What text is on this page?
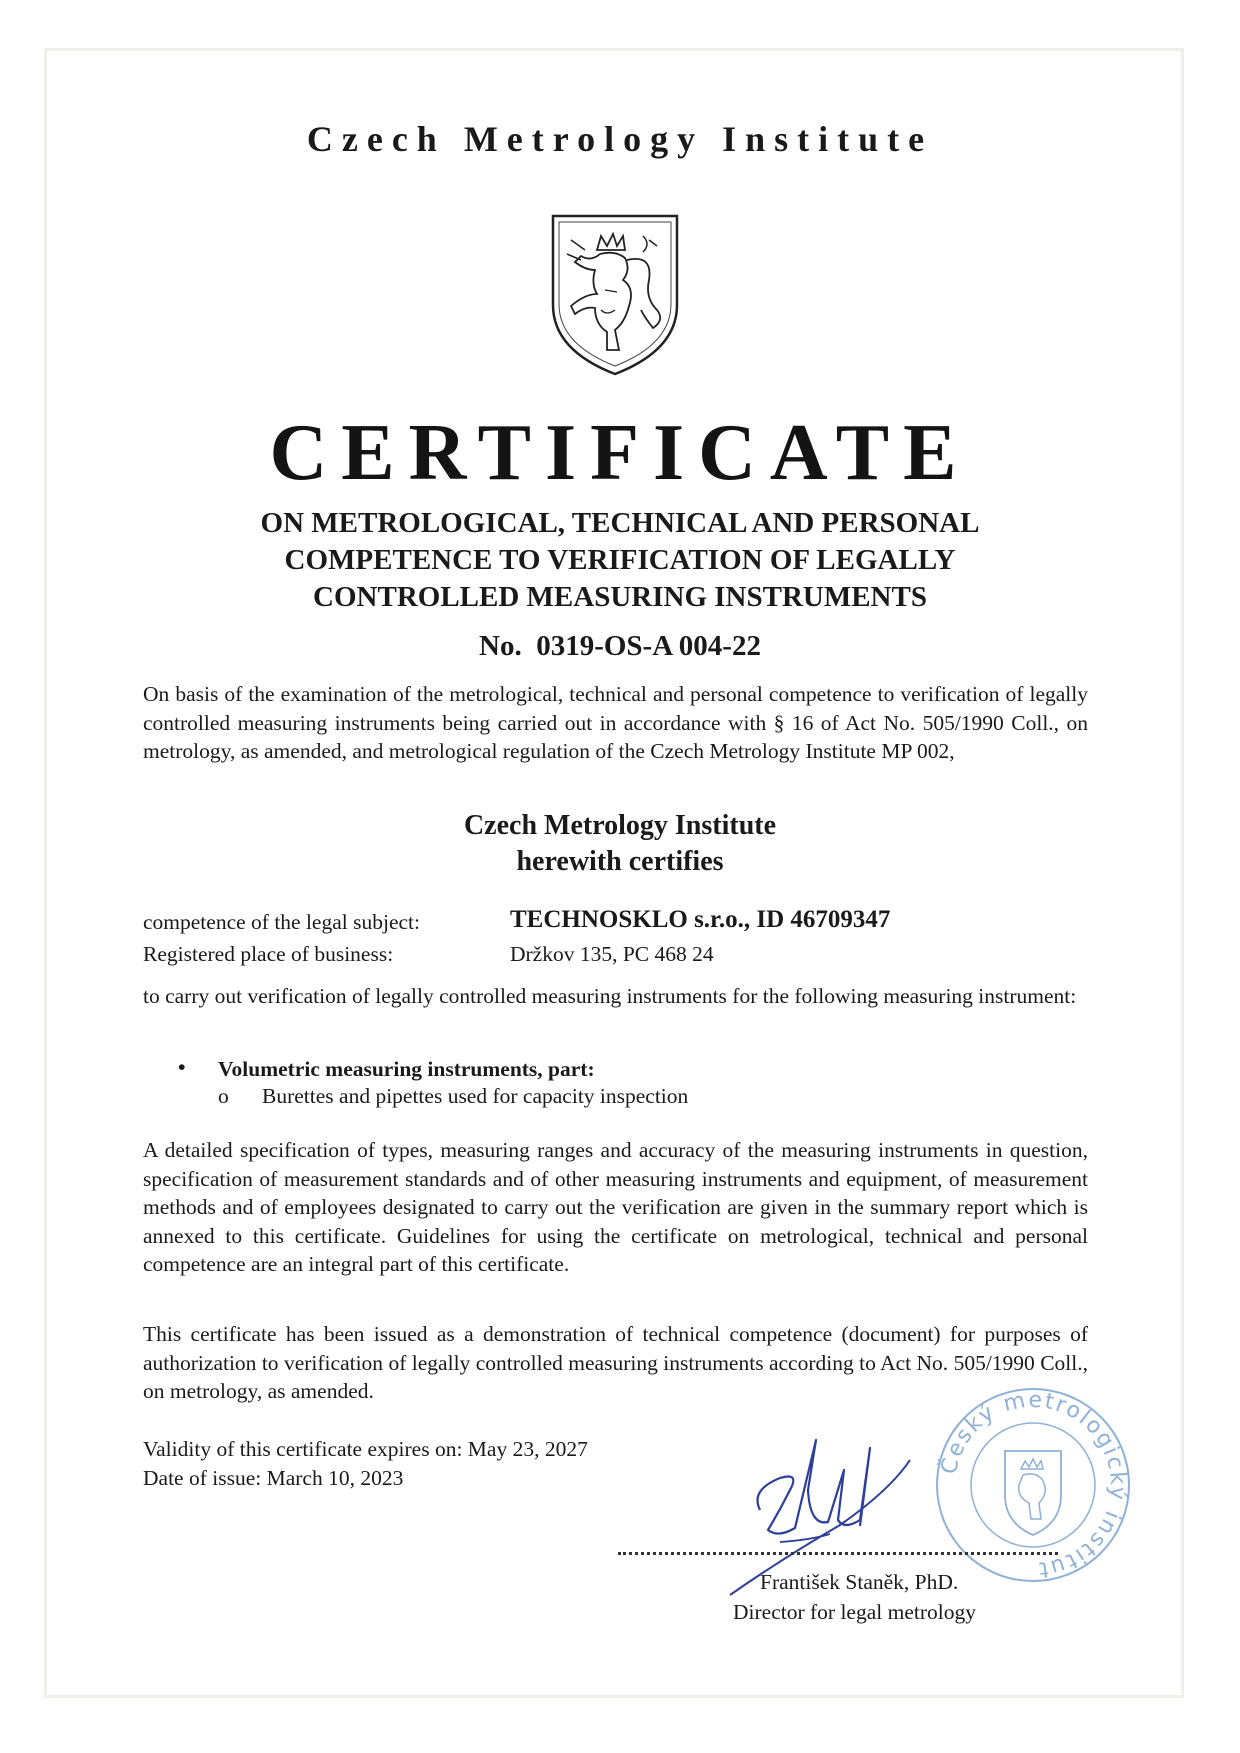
Czech Metrology Institute
CERTIFICATE
ON METROLOGICAL, TECHNICAL AND PERSONAL
COMPETENCE TO VERIFICATION OF LEGALLY
CONTROLLED MEASURING INSTRUMENTS
No.  0319-OS-A 004-22
On basis of the examination of the metrological, technical and personal competence to verification of legally controlled measuring instruments being carried out in accordance with § 16 of Act No. 505/1990 Coll., on metrology, as amended, and metrological regulation of the Czech Metrology Institute MP 002,
Czech Metrology Institute
herewith certifies
competence of the legal subject:	TECHNOSKLO s.r.o., ID 46709347
Registered place of business:	Držkov 135, PC 468 24
to carry out verification of legally controlled measuring instruments for the following measuring instrument:
• Volumetric measuring instruments, part:
o Burettes and pipettes used for capacity inspection
A detailed specification of types, measuring ranges and accuracy of the measuring instruments in question, specification of measurement standards and of other measuring instruments and equipment, of measurement methods and of employees designated to carry out the verification are given in the summary report which is annexed to this certificate. Guidelines for using the certificate on metrological, technical and personal competence are an integral part of this certificate.
This certificate has been issued as a demonstration of technical competence (document) for purposes of authorization to verification of legally controlled measuring instruments according to Act No. 505/1990 Coll., on metrology, as amended.
Validity of this certificate expires on: May 23, 2027
Date of issue: March 10, 2023
Český metrologický institut
František Staněk, PhD.
Director for legal metrology
